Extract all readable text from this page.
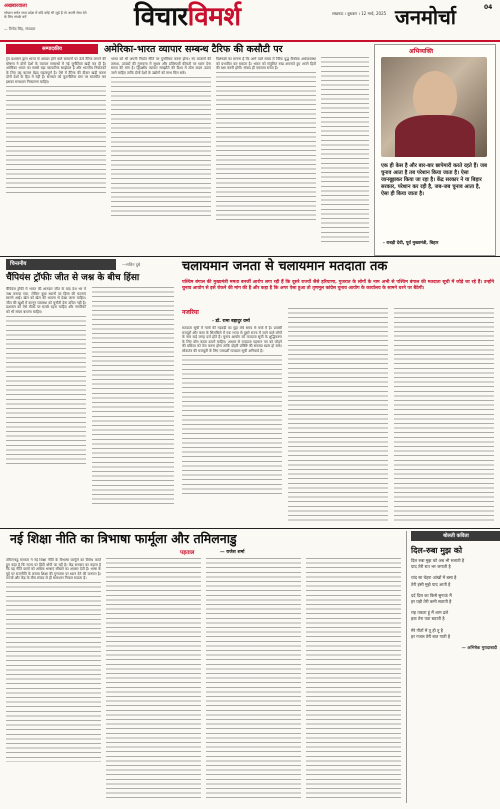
अखबारवाला
भोपाल समेत मध्य प्रदेश में यदि कोई भी जुड़े हैं तो अपनी सेवा देने के लिए संपर्क करें
— विनोद सिंह, संपादक	विचारविमर्श	लखनऊ । बुधवार । 12 मार्च, 2025 जनमोर्चा	04
सम्पादकीय	अमेरिका-भारत व्यापार सम्बन्ध टैरिफ की कसौटी पर

ट्रंप प्रशासन द्वारा भारत से आयात होने वाले सामानों पर ऊंचे टैरिफ लगाने की घोषणा ने दोनों देशों के व्यापार सम्बन्धों में नई चुनौतियां खड़ी कर दी हैं। अमेरिका भारत का सबसे बड़ा व्यापारिक साझेदार है और भारतीय निर्यातकों के लिए यह बाजार बेहद महत्वपूर्ण है। ऐसे में टैरिफ की दीवार खड़ी करना दोनों देशों के हित में नहीं है। सरकार को कूटनीतिक स्तर पर बातचीत कर इसका समाधान निकालना चाहिए।

भारत को भी अपनी निर्यात नीति पर पुनर्विचार करना होगा। नए बाजारों की तलाश, उत्पादों की गुणवत्ता में सुधार और प्रतिस्पर्धी कीमतों पर ध्यान देना समय की मांग है। द्विपक्षीय व्यापार समझौते की दिशा में ठोस कदम उठाए जाने चाहिए ताकि दोनों देशों के उद्योगों को लाभ मिल सके।

विशेषज्ञों का मानना है कि आने वाले समय में टैरिफ युद्ध वैश्विक अर्थव्यवस्था को प्रभावित कर सकता है। भारत को संतुलित रुख अपनाते हुए अपने हितों की रक्षा करनी होगी। संवाद ही एकमात्र रास्ता है।

अभिव्यक्ति
एक ही केस है और बार-बार छापेमारी करते रहते हैं। जब चुनाव आता है तब परेशान किया जाता है। ऐसा जानबूझकर किया जा रहा है। केंद्र सरकार ने या बिहार सरकार, परेशान कर रही है, जब-जब चुनाव आता है, ऐसा ही किया जाता है।
- राबड़ी देवी, पूर्व मुख्यमंत्री, बिहार
चिन्तनीय	—सचिन दुबे
चैंपियंस ट्रॉफीः जीत से जश्न के बीच हिंसा

चैंपियंस ट्रॉफी में भारत की शानदार जीत के बाद देश भर में जश्न मनाया गया, लेकिन कुछ स्थानों पर हिंसा की घटनाएं सामने आईं। खेल को खेल की भावना से देखा जाना चाहिए। जीत की खुशी में कानून व्यवस्था को चुनौती देना उचित नहीं है। प्रशासन को ऐसे मौकों पर सतर्क रहना चाहिए और नागरिकों को भी संयम बरतना चाहिए।

चलायमान जनता से चलायमान मतदाता तक
पश्चिम बंगाल की मुख्यमंत्री ममता बनर्जी आरोप लगा रही हैं कि दूसरे राज्यों जैसे हरियाणा, गुजरात के लोगों के नाम अभी से पश्चिम बंगाल की मतदाता सूची में जोड़े जा रहे हैं। उन्होंने चुनाव आयोग से इसे रोकने की मांग की है और कहा है कि अगर ऐसा हुआ तो तृणमूल कांग्रेस चुनाव आयोग के कार्यालय के सामने धरने पर बैठेगी।
नजरिया
- डॉ. रामा बहादुर वर्मा

मतदाता सूची में नामों की गड़बड़ी का मुद्दा लंबे समय से चर्चा में है। प्रवासी मजदूरों और काम के सिलसिले में एक राज्य से दूसरे राज्य में जाने वाले लोगों के नाम कई जगह दर्ज होते हैं। चुनाव आयोग को मतदाता सूची के शुद्धिकरण के लिए ठोस कदम उठाने चाहिए। आधार से मतदाता पहचान पत्र को जोड़ने की प्रक्रिया को तेज करना होगा ताकि दोहरी प्रविष्टि की समस्या खत्म हो सके। लोकतंत्र की मजबूती के लिए पारदर्शी मतदाता सूची अनिवार्य है।

नई शिक्षा नीति का त्रिभाषा फार्मूला और तमिलनाडु
पड़ताल	— राजेश शर्मा

तमिलनाडु सरकार ने नई शिक्षा नीति के त्रिभाषा फार्मूले का विरोध करते हुए कहा है कि राज्य पर हिंदी थोपी जा रही है। केंद्र सरकार का कहना है कि यह नीति छात्रों को अधिक भाषाएं सीखने का अवसर देती है। भाषा के मुद्दे पर राजनीति के बजाय शिक्षा की गुणवत्ता पर ध्यान देने की जरूरत है। राज्यों और केंद्र के बीच संवाद से ही समाधान निकल सकता है।

बोलती कविता
दिल-रुबा मुझ को
दिल रुबा मुझ को अब भी रुलाती है
याद तेरी रात भर जगाती है
चांद सा चेहरा आंखों में बसा है
तेरी हंसी मुझे याद आती है
दर्द दिल का किसे सुनाऊं मैं
हर घड़ी तेरी कमी सताती है
राह तकता हूं मैं शाम ढले
हवा तेरा पता बताती है
मेरे गीतों में तू ही तू है
हर गजल तेरी बात गाती है
— अभिषेक मुरादाबादी
